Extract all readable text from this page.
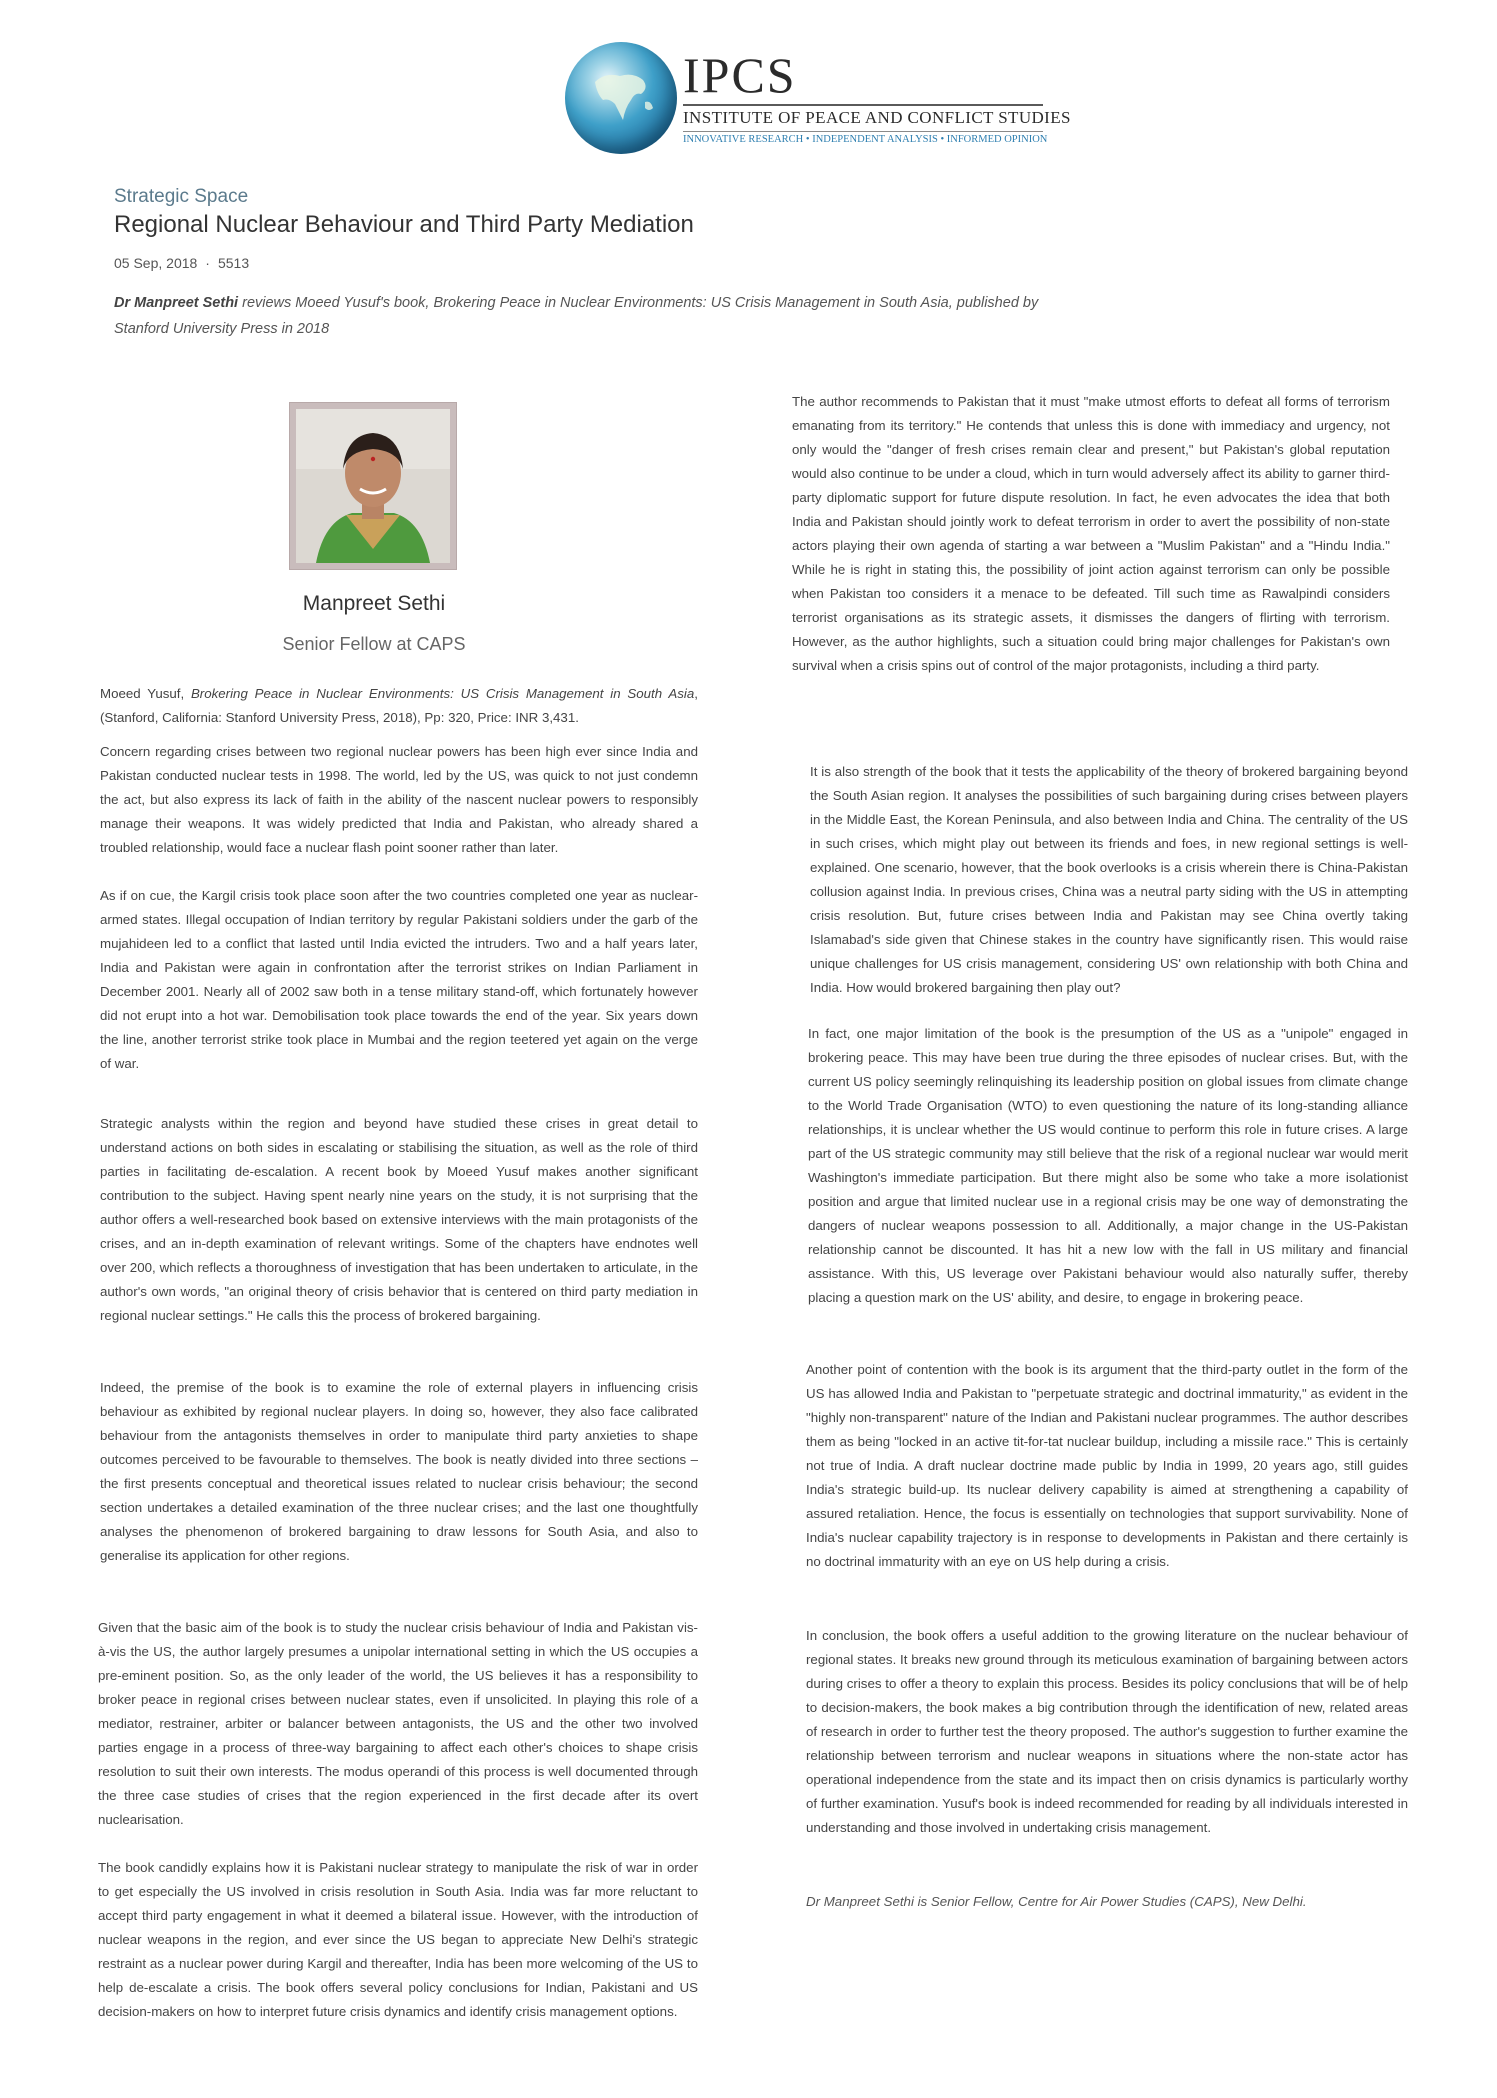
IPCS
INSTITUTE OF PEACE AND CONFLICT STUDIES
INNOVATIVE RESEARCH • INDEPENDENT ANALYSIS • INFORMED OPINION
Strategic Space
Regional Nuclear Behaviour and Third Party Mediation
05 Sep, 2018 · 5513
Dr Manpreet Sethi reviews Moeed Yusuf's book, Brokering Peace in Nuclear Environments: US Crisis Management in South Asia, published by Stanford University Press in 2018
Manpreet Sethi
Senior Fellow at CAPS

Moeed Yusuf, Brokering Peace in Nuclear Environments: US Crisis Management in South Asia, (Stanford, California: Stanford University Press, 2018), Pp: 320, Price: INR 3,431.

Concern regarding crises between two regional nuclear powers has been high ever since India and Pakistan conducted nuclear tests in 1998. The world, led by the US, was quick to not just condemn the act, but also express its lack of faith in the ability of the nascent nuclear powers to responsibly manage their weapons. It was widely predicted that India and Pakistan, who already shared a troubled relationship, would face a nuclear flash point sooner rather than later.
As if on cue, the Kargil crisis took place soon after the two countries completed one year as nuclear-armed states. Illegal occupation of Indian territory by regular Pakistani soldiers under the garb of the mujahideen led to a conflict that lasted until India evicted the intruders. Two and a half years later, India and Pakistan were again in confrontation after the terrorist strikes on Indian Parliament in December 2001. Nearly all of 2002 saw both in a tense military stand-off, which fortunately however did not erupt into a hot war. Demobilisation took place towards the end of the year. Six years down the line, another terrorist strike took place in Mumbai and the region teetered yet again on the verge of war.
Strategic analysts within the region and beyond have studied these crises in great detail to understand actions on both sides in escalating or stabilising the situation, as well as the role of third parties in facilitating de-escalation. A recent book by Moeed Yusuf makes another significant contribution to the subject. Having spent nearly nine years on the study, it is not surprising that the author offers a well-researched book based on extensive interviews with the main protagonists of the crises, and an in-depth examination of relevant writings. Some of the chapters have endnotes well over 200, which reflects a thoroughness of investigation that has been undertaken to articulate, in the author's own words, "an original theory of crisis behavior that is centered on third party mediation in regional nuclear settings." He calls this the process of brokered bargaining.
Indeed, the premise of the book is to examine the role of external players in influencing crisis behaviour as exhibited by regional nuclear players. In doing so, however, they also face calibrated behaviour from the antagonists themselves in order to manipulate third party anxieties to shape outcomes perceived to be favourable to themselves. The book is neatly divided into three sections – the first presents conceptual and theoretical issues related to nuclear crisis behaviour; the second section undertakes a detailed examination of the three nuclear crises; and the last one thoughtfully analyses the phenomenon of brokered bargaining to draw lessons for South Asia, and also to generalise its application for other regions.
Given that the basic aim of the book is to study the nuclear crisis behaviour of India and Pakistan vis-à-vis the US, the author largely presumes a unipolar international setting in which the US occupies a pre-eminent position. So, as the only leader of the world, the US believes it has a responsibility to broker peace in regional crises between nuclear states, even if unsolicited. In playing this role of a mediator, restrainer, arbiter or balancer between antagonists, the US and the other two involved parties engage in a process of three-way bargaining to affect each other's choices to shape crisis resolution to suit their own interests. The modus operandi of this process is well documented through the three case studies of crises that the region experienced in the first decade after its overt nuclearisation.
The book candidly explains how it is Pakistani nuclear strategy to manipulate the risk of war in order to get especially the US involved in crisis resolution in South Asia. India was far more reluctant to accept third party engagement in what it deemed a bilateral issue. However, with the introduction of nuclear weapons in the region, and ever since the US began to appreciate New Delhi's strategic restraint as a nuclear power during Kargil and thereafter, India has been more welcoming of the US to help de-escalate a crisis. The book offers several policy conclusions for Indian, Pakistani and US decision-makers on how to interpret future crisis dynamics and identify crisis management options.
The author recommends to Pakistan that it must "make utmost efforts to defeat all forms of terrorism emanating from its territory." He contends that unless this is done with immediacy and urgency, not only would the "danger of fresh crises remain clear and present," but Pakistan's global reputation would also continue to be under a cloud, which in turn would adversely affect its ability to garner third-party diplomatic support for future dispute resolution. In fact, he even advocates the idea that both India and Pakistan should jointly work to defeat terrorism in order to avert the possibility of non-state actors playing their own agenda of starting a war between a "Muslim Pakistan" and a "Hindu India." While he is right in stating this, the possibility of joint action against terrorism can only be possible when Pakistan too considers it a menace to be defeated. Till such time as Rawalpindi considers terrorist organisations as its strategic assets, it dismisses the dangers of flirting with terrorism. However, as the author highlights, such a situation could bring major challenges for Pakistan's own survival when a crisis spins out of control of the major protagonists, including a third party.
It is also strength of the book that it tests the applicability of the theory of brokered bargaining beyond the South Asian region. It analyses the possibilities of such bargaining during crises between players in the Middle East, the Korean Peninsula, and also between India and China. The centrality of the US in such crises, which might play out between its friends and foes, in new regional settings is well-explained. One scenario, however, that the book overlooks is a crisis wherein there is China-Pakistan collusion against India. In previous crises, China was a neutral party siding with the US in attempting crisis resolution. But, future crises between India and Pakistan may see China overtly taking Islamabad's side given that Chinese stakes in the country have significantly risen. This would raise unique challenges for US crisis management, considering US' own relationship with both China and India. How would brokered bargaining then play out?
In fact, one major limitation of the book is the presumption of the US as a "unipole" engaged in brokering peace. This may have been true during the three episodes of nuclear crises. But, with the current US policy seemingly relinquishing its leadership position on global issues from climate change to the World Trade Organisation (WTO) to even questioning the nature of its long-standing alliance relationships, it is unclear whether the US would continue to perform this role in future crises. A large part of the US strategic community may still believe that the risk of a regional nuclear war would merit Washington's immediate participation. But there might also be some who take a more isolationist position and argue that limited nuclear use in a regional crisis may be one way of demonstrating the dangers of nuclear weapons possession to all. Additionally, a major change in the US-Pakistan relationship cannot be discounted. It has hit a new low with the fall in US military and financial assistance. With this, US leverage over Pakistani behaviour would also naturally suffer, thereby placing a question mark on the US' ability, and desire, to engage in brokering peace.
Another point of contention with the book is its argument that the third-party outlet in the form of the US has allowed India and Pakistan to "perpetuate strategic and doctrinal immaturity," as evident in the "highly non-transparent" nature of the Indian and Pakistani nuclear programmes. The author describes them as being "locked in an active tit-for-tat nuclear buildup, including a missile race." This is certainly not true of India. A draft nuclear doctrine made public by India in 1999, 20 years ago, still guides India's strategic build-up. Its nuclear delivery capability is aimed at strengthening a capability of assured retaliation. Hence, the focus is essentially on technologies that support survivability. None of India's nuclear capability trajectory is in response to developments in Pakistan and there certainly is no doctrinal immaturity with an eye on US help during a crisis.
In conclusion, the book offers a useful addition to the growing literature on the nuclear behaviour of regional states. It breaks new ground through its meticulous examination of bargaining between actors during crises to offer a theory to explain this process. Besides its policy conclusions that will be of help to decision-makers, the book makes a big contribution through the identification of new, related areas of research in order to further test the theory proposed. The author's suggestion to further examine the relationship between terrorism and nuclear weapons in situations where the non-state actor has operational independence from the state and its impact then on crisis dynamics is particularly worthy of further examination. Yusuf's book is indeed recommended for reading by all individuals interested in understanding and those involved in undertaking crisis management.
Dr Manpreet Sethi is Senior Fellow, Centre for Air Power Studies (CAPS), New Delhi.
